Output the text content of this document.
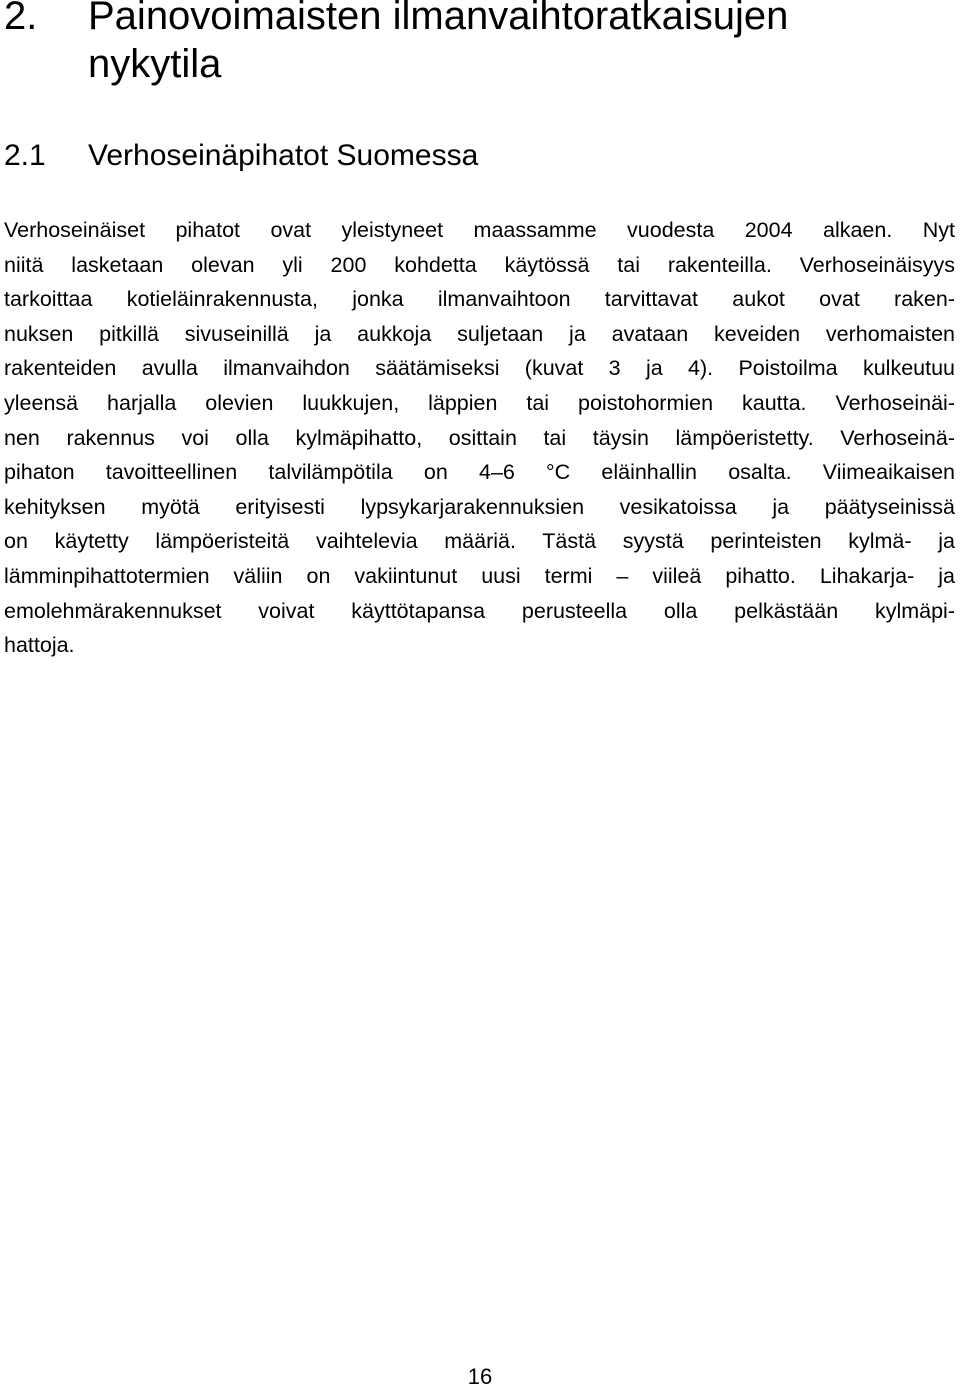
2.	Painovoimaisten ilmanvaihtoratkaisujen
nykytila
2.1	Verhoseinäpihatot Suomessa
Verhoseinäiset pihatot ovat yleistyneet maassamme vuodesta 2004 alkaen. Nyt
niitä lasketaan olevan yli 200 kohdetta käytössä tai rakenteilla. Verhoseinäisyys
tarkoittaa kotieläinrakennusta, jonka ilmanvaihtoon tarvittavat aukot ovat raken-
nuksen pitkillä sivuseinillä ja aukkoja suljetaan ja avataan keveiden verhomaisten
rakenteiden avulla ilmanvaihdon säätämiseksi (kuvat 3 ja 4). Poistoilma kulkeutuu
yleensä harjalla olevien luukkujen, läppien tai poistohormien kautta. Verhoseinäi-
nen rakennus voi olla kylmäpihatto, osittain tai täysin lämpöeristetty. Verhoseinä-
pihaton tavoitteellinen talvilämpötila on 4–6 °C eläinhallin osalta. Viimeaikaisen
kehityksen myötä erityisesti lypsykarjarakennuksien vesikatoissa ja päätyseinissä
on käytetty lämpöeristeitä vaihtelevia määriä. Tästä syystä perinteisten kylmä- ja
lämminpihattotermien väliin on vakiintunut uusi termi – viileä pihatto. Lihakarja- ja
emolehmärakennukset voivat käyttötapansa perusteella olla pelkästään kylmäpi-
hattoja.
16
